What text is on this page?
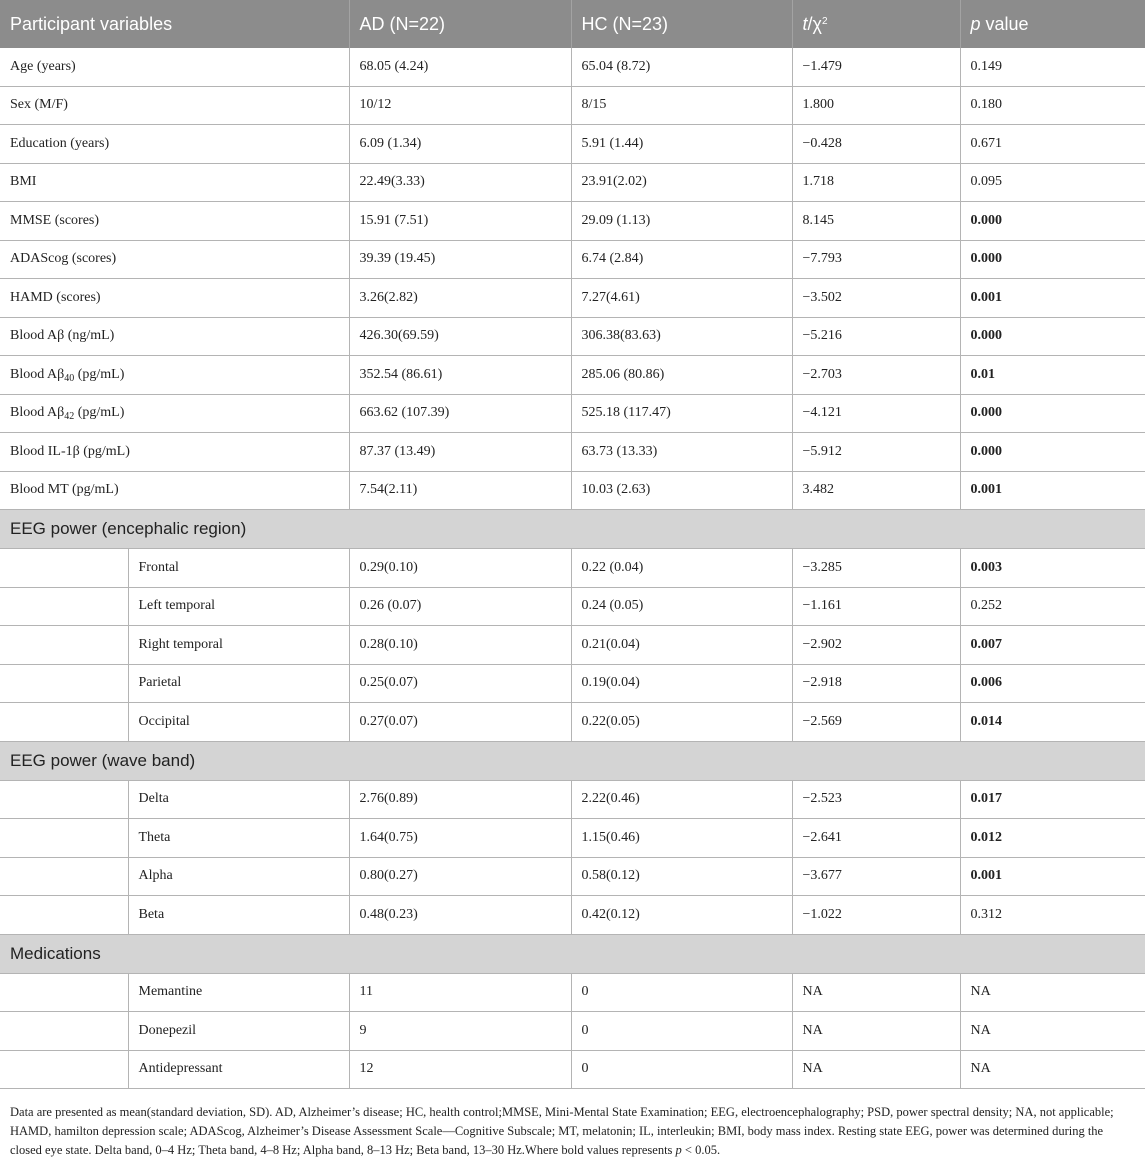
Participant variables		AD (N=22)	HC (N=23)	$t/\chi^2$	p value
Age (years)		68.05 (4.24)	65.04 (8.72)	−1.479	0.149
Sex (M/F)		10/12	8/15	1.800	0.180
Education (years)		6.09 (1.34)	5.91 (1.44)	−0.428	0.671
BMI		22.49(3.33)	23.91(2.02)	1.718	0.095
MMSE (scores)		15.91 (7.51)	29.09 (1.13)	8.145	0.000
ADAScog (scores)		39.39 (19.45)	6.74 (2.84)	−7.793	0.000
HAMD (scores)		3.26(2.82)	7.27(4.61)	−3.502	0.001
Blood Aβ (ng/mL)		426.30(69.59)	306.38(83.63)	−5.216	0.000
Blood $A\beta_{40}$ (pg/mL)		352.54 (86.61)	285.06 (80.86)	−2.703	0.01
Blood $A\beta_{42}$ (pg/mL)		663.62 (107.39)	525.18 (117.47)	−4.121	0.000
Blood IL-1β (pg/mL)		87.37 (13.49)	63.73 (13.33)	−5.912	0.000
Blood MT (pg/mL)		7.54(2.11)	10.03 (2.63)	3.482	0.001
EEG power (encephalic region)					
	Frontal	0.29(0.10)	0.22 (0.04)	−3.285	0.003
	Left temporal	0.26 (0.07)	0.24 (0.05)	−1.161	0.252
	Right temporal	0.28(0.10)	0.21(0.04)	−2.902	0.007
	Parietal	0.25(0.07)	0.19(0.04)	−2.918	0.006
	Occipital	0.27(0.07)	0.22(0.05)	−2.569	0.014
EEG power (wave band)					
	Delta	2.76(0.89)	2.22(0.46)	−2.523	0.017
	Theta	1.64(0.75)	1.15(0.46)	−2.641	0.012
	Alpha	0.80(0.27)	0.58(0.12)	−3.677	0.001
	Beta	0.48(0.23)	0.42(0.12)	−1.022	0.312
Medications					
	Memantine	11	0	NA	NA
	Donepezil	9	0	NA	NA
	Antidepressant	12	0	NA	NA
Data are presented as mean(standard deviation, SD). AD, Alzheimer’s disease; HC, health control;MMSE, Mini-Mental State Examination; EEG, electroencephalography; PSD, power spectral density; NA, not applicable; HAMD, hamilton depression scale; ADAScog, Alzheimer’s Disease Assessment Scale—Cognitive Subscale; MT, melatonin; IL, interleukin; BMI, body mass index. Resting state EEG, power was determined during the closed eye state. Delta band, 0–4 Hz; Theta band, 4–8 Hz; Alpha band, 8–13 Hz; Beta band, 13–30 Hz.Where bold values represents p < 0.05.
